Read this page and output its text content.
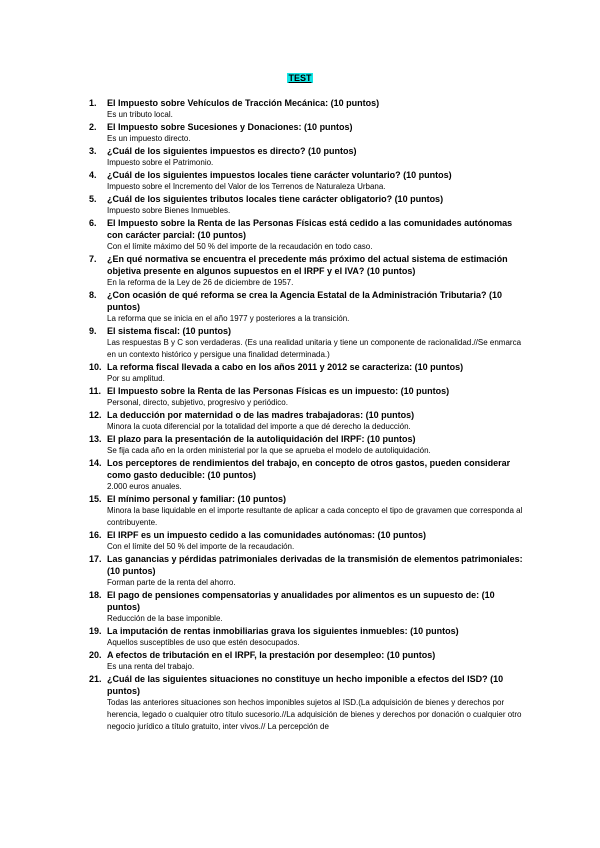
TEST
1. El Impuesto sobre Vehículos de Tracción Mecánica: (10 puntos)
Es un tributo local.
2. El Impuesto sobre Sucesiones y Donaciones: (10 puntos)
Es un impuesto directo.
3. ¿Cuál de los siguientes impuestos es directo? (10 puntos)
Impuesto sobre el Patrimonio.
4. ¿Cuál de los siguientes impuestos locales tiene carácter voluntario? (10 puntos)
Impuesto sobre el Incremento del Valor de los Terrenos de Naturaleza Urbana.
5. ¿Cuál de los siguientes tributos locales tiene carácter obligatorio? (10 puntos)
Impuesto sobre Bienes Inmuebles.
6. El Impuesto sobre la Renta de las Personas Físicas está cedido a las comunidades autónomas con carácter parcial: (10 puntos)
Con el límite máximo del 50 % del importe de la recaudación en todo caso.
7. ¿En qué normativa se encuentra el precedente más próximo del actual sistema de estimación objetiva presente en algunos supuestos en el IRPF y el IVA? (10 puntos)
En la reforma de la Ley de 26 de diciembre de 1957.
8. ¿Con ocasión de qué reforma se crea la Agencia Estatal de la Administración Tributaria? (10 puntos)
La reforma que se inicia en el año 1977 y posteriores a la transición.
9. El sistema fiscal: (10 puntos)
Las respuestas B y C son verdaderas. (Es una realidad unitaria y tiene un componente de racionalidad.//Se enmarca en un contexto histórico y persigue una finalidad determinada.)
10. La reforma fiscal llevada a cabo en los años 2011 y 2012 se caracteriza: (10 puntos)
Por su amplitud.
11. El Impuesto sobre la Renta de las Personas Físicas es un impuesto: (10 puntos)
Personal, directo, subjetivo, progresivo y periódico.
12. La deducción por maternidad o de las madres trabajadoras: (10 puntos)
Minora la cuota diferencial por la totalidad del importe a que dé derecho la deducción.
13. El plazo para la presentación de la autoliquidación del IRPF: (10 puntos)
Se fija cada año en la orden ministerial por la que se aprueba el modelo de autoliquidación.
14. Los perceptores de rendimientos del trabajo, en concepto de otros gastos, pueden considerar como gasto deducible: (10 puntos)
2.000 euros anuales.
15. El mínimo personal y familiar: (10 puntos)
Minora la base liquidable en el importe resultante de aplicar a cada concepto el tipo de gravamen que corresponda al contribuyente.
16. El IRPF es un impuesto cedido a las comunidades autónomas: (10 puntos)
Con el límite del 50 % del importe de la recaudación.
17. Las ganancias y pérdidas patrimoniales derivadas de la transmisión de elementos patrimoniales: (10 puntos)
Forman parte de la renta del ahorro.
18. El pago de pensiones compensatorias y anualidades por alimentos es un supuesto de: (10 puntos)
Reducción de la base imponible.
19. La imputación de rentas inmobiliarias grava los siguientes inmuebles: (10 puntos)
Aquellos susceptibles de uso que estén desocupados.
20. A efectos de tributación en el IRPF, la prestación por desempleo: (10 puntos)
Es una renta del trabajo.
21. ¿Cuál de las siguientes situaciones no constituye un hecho imponible a efectos del ISD? (10 puntos)
Todas las anteriores situaciones son hechos imponibles sujetos al ISD.(La adquisición de bienes y derechos por herencia, legado o cualquier otro título sucesorio.//La adquisición de bienes y derechos por donación o cualquier otro negocio jurídico a título gratuito, inter vivos.// La percepción de
